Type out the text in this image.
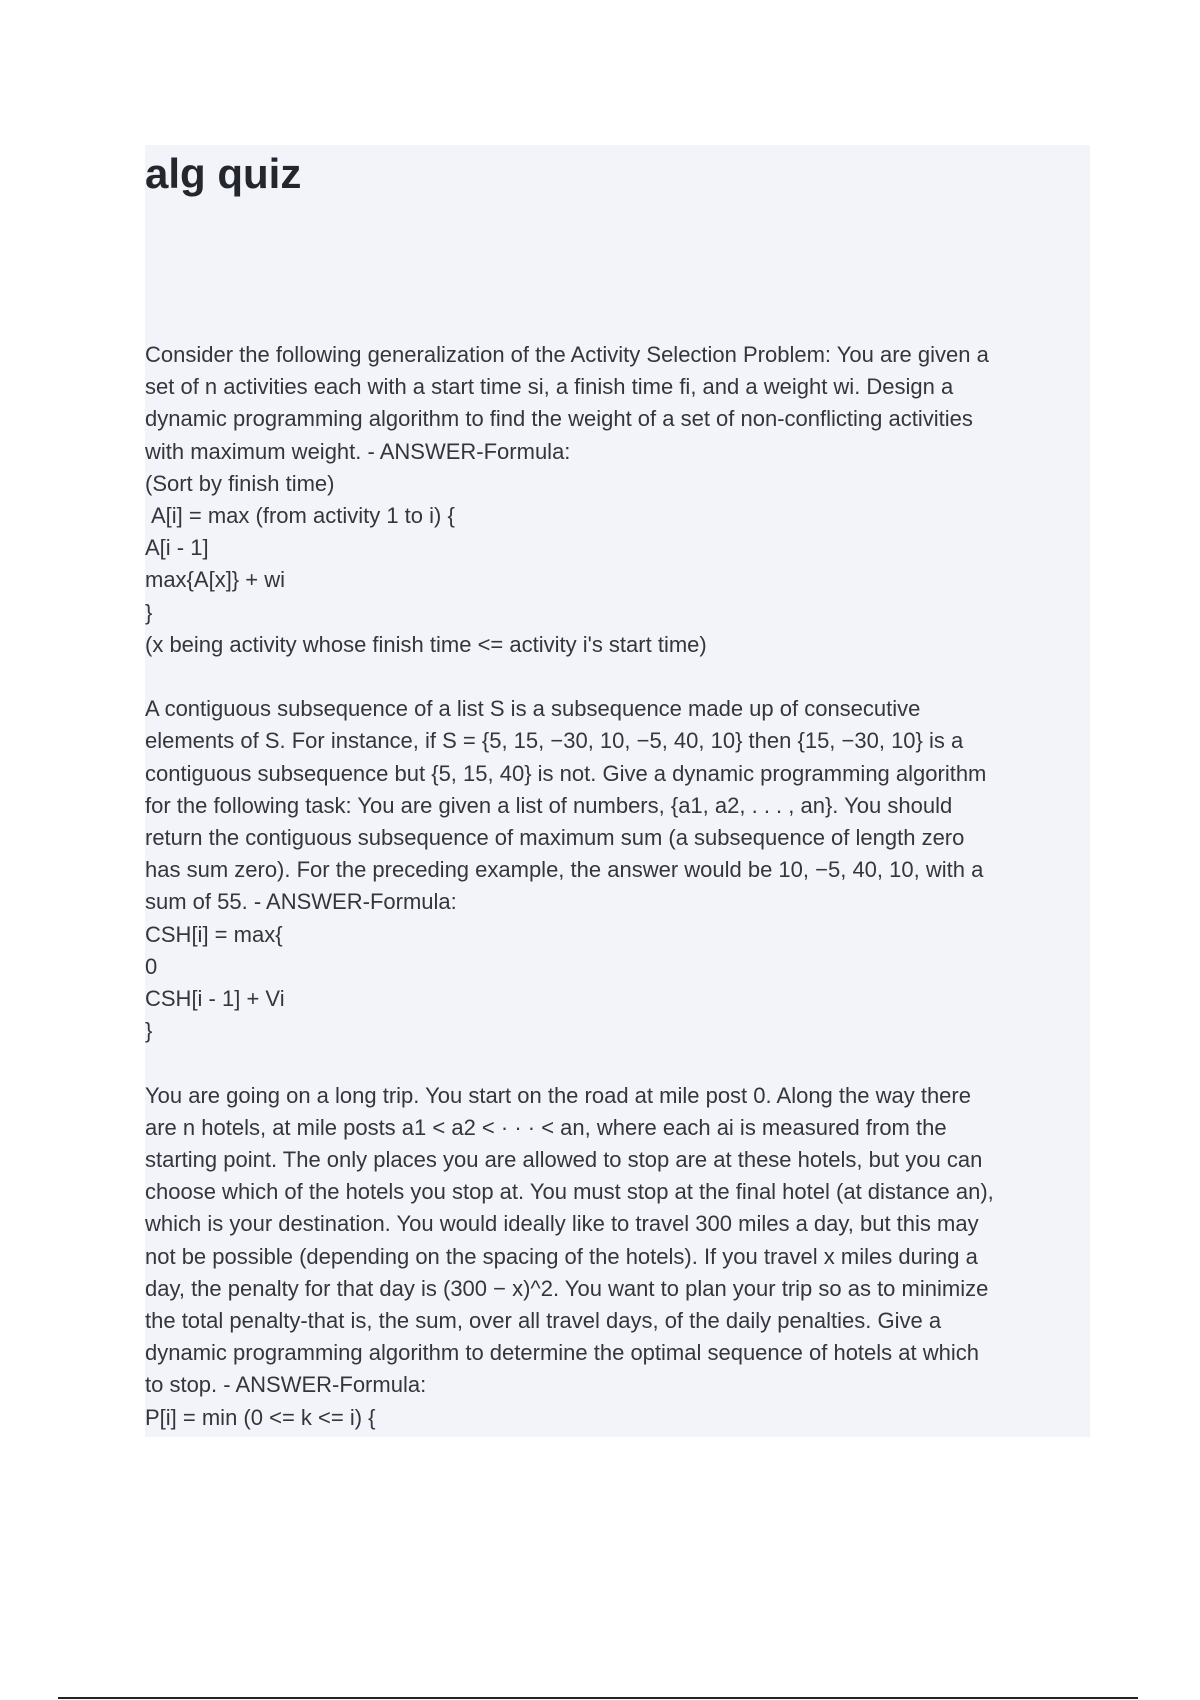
alg quiz
Consider the following generalization of the Activity Selection Problem: You are given a
set of n activities each with a start time si, a finish time fi, and a weight wi. Design a
dynamic programming algorithm to find the weight of a set of non-conflicting activities
with maximum weight. - ANSWER-Formula:
(Sort by finish time)
A[i] = max (from activity 1 to i) {
A[i - 1]
max{A[x]} + wi
}
(x being activity whose finish time <= activity i's start time)
A contiguous subsequence of a list S is a subsequence made up of consecutive
elements of S. For instance, if S = {5, 15, −30, 10, −5, 40, 10} then {15, −30, 10} is a
contiguous subsequence but {5, 15, 40} is not. Give a dynamic programming algorithm
for the following task: You are given a list of numbers, {a1, a2, . . . , an}. You should
return the contiguous subsequence of maximum sum (a subsequence of length zero
has sum zero). For the preceding example, the answer would be 10, −5, 40, 10, with a
sum of 55. - ANSWER-Formula:
CSH[i] = max{
0
CSH[i - 1] + Vi
}
You are going on a long trip. You start on the road at mile post 0. Along the way there
are n hotels, at mile posts a1 < a2 < · · · < an, where each ai is measured from the
starting point. The only places you are allowed to stop are at these hotels, but you can
choose which of the hotels you stop at. You must stop at the final hotel (at distance an),
which is your destination. You would ideally like to travel 300 miles a day, but this may
not be possible (depending on the spacing of the hotels). If you travel x miles during a
day, the penalty for that day is (300 − x)^2. You want to plan your trip so as to minimize
the total penalty-that is, the sum, over all travel days, of the daily penalties. Give a
dynamic programming algorithm to determine the optimal sequence of hotels at which
to stop. - ANSWER-Formula:
P[i] = min (0 <= k <= i) {
